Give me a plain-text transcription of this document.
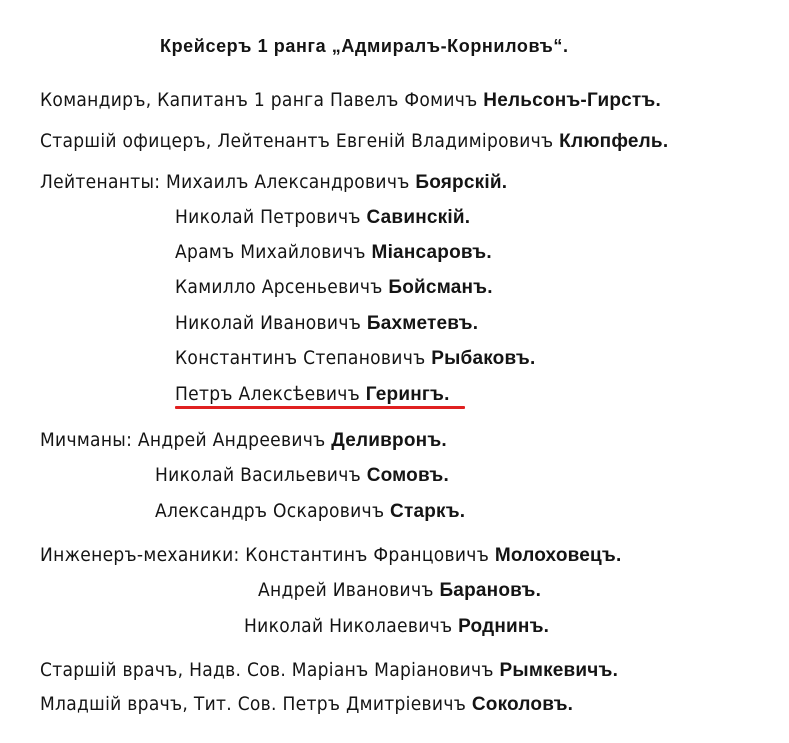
Крейсеръ 1 ранга „Адмиралъ-Корниловъ“.
Командиръ, Капитанъ 1 ранга Павелъ Фомичъ Нельсонъ-Гирстъ.
Старшій офицеръ, Лейтенантъ Евгеній Владиміровичъ Клюпфель.
Лейтенанты: Михаилъ Александровичъ Боярскій.
Николай Петровичъ Савинскій.
Арамъ Михайловичъ Міансаровъ.
Камилло Арсеньевичъ Бойсманъ.
Николай Ивановичъ Бахметевъ.
Константинъ Степановичъ Рыбаковъ.
Петръ Алексѣевичъ Герингъ.
Мичманы: Андрей Андреевичъ Деливронъ.
Николай Васильевичъ Сомовъ.
Александръ Оскаровичъ Старкъ.
Инженеръ-механики: Константинъ Францовичъ Молоховецъ.
Андрей Ивановичъ Барановъ.
Николай Николаевичъ Роднинъ.
Старшій врачъ, Надв. Сов. Маріанъ Маріановичъ Рымкевичъ.
Младшій врачъ, Тит. Сов. Петръ Дмитріевичъ Соколовъ.
